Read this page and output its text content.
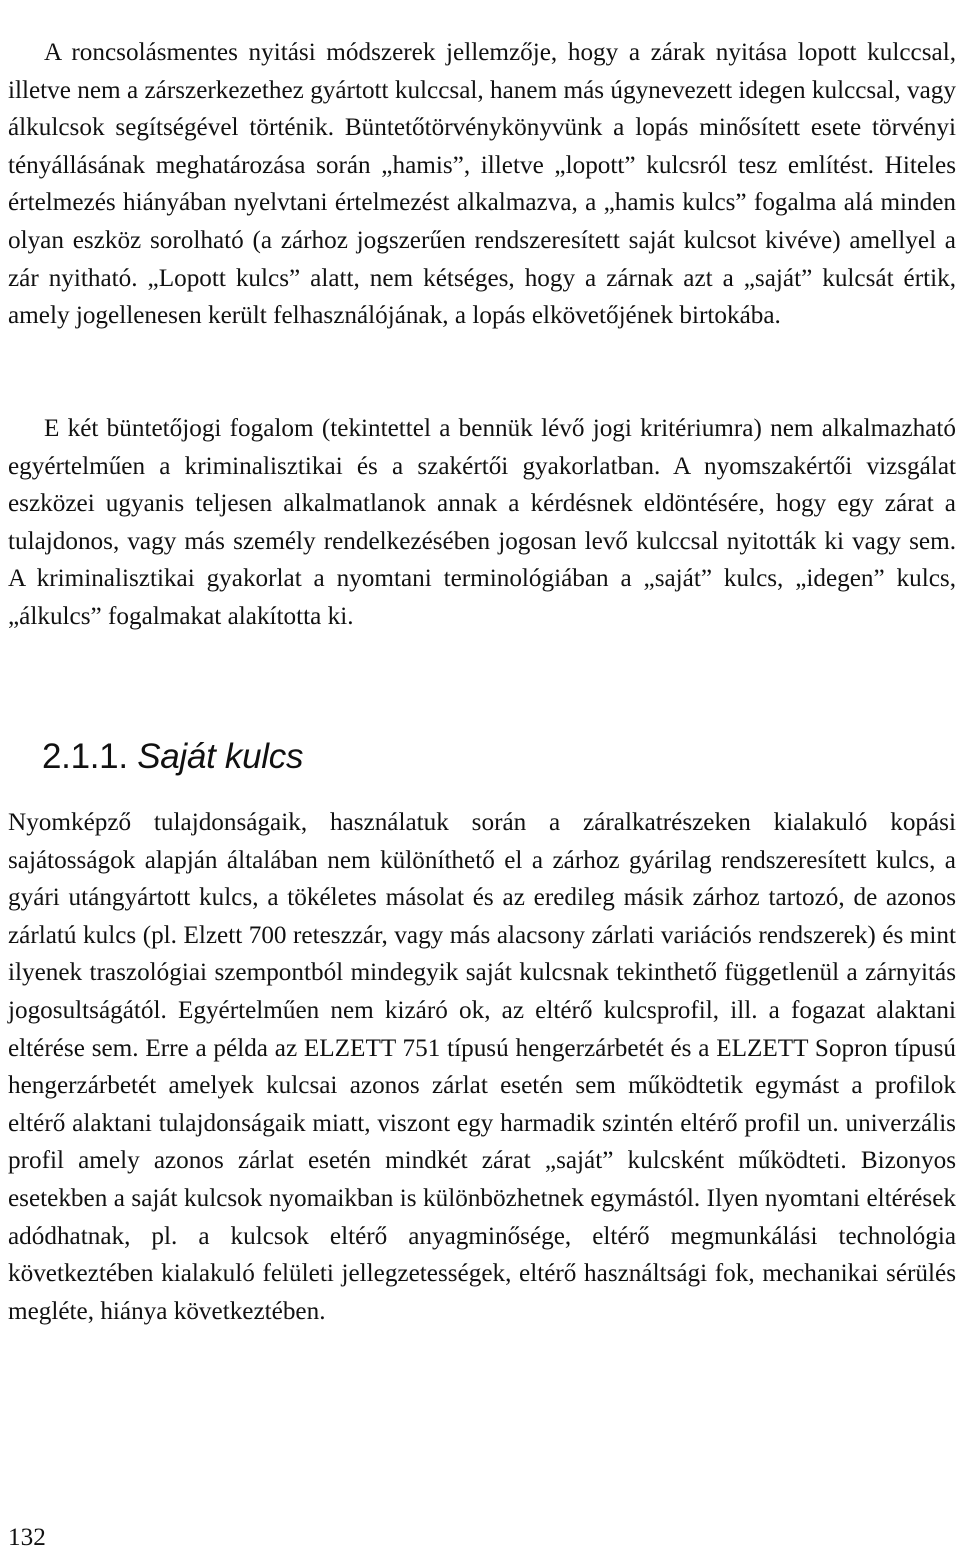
A roncsolásmentes nyitási módszerek jellemzője, hogy a zárak nyitása lopott kulccsal, illetve nem a zárszerkezethez gyártott kulccsal, hanem más úgynevezett idegen kulccsal, vagy álkulcsok segítségével történik. Büntetőtörvénykönyvünk a lopás minősített esete törvényi tényállásának meghatározása során „hamis”, illetve „lopott” kulcsról tesz említést. Hiteles értelmezés hiányában nyelvtani értelmezést alkalmazva, a „hamis kulcs” fogalma alá minden olyan eszköz sorolható (a zárhoz jogszerűen rendszeresített saját kulcsot kivéve) amellyel a zár nyitható. „Lopott kulcs” alatt, nem kétséges, hogy a zárnak azt a „saját” kulcsát értik, amely jogellenesen került felhasználójának, a lopás elkövetőjének birtokába.

E két büntetőjogi fogalom (tekintettel a bennük lévő jogi kritériumra) nem alkalmazható egyértelműen a kriminalisztikai és a szakértői gyakorlatban. A nyomszakértői vizsgálat eszközei ugyanis teljesen alkalmatlanok annak a kérdésnek eldöntésére, hogy egy zárat a tulajdonos, vagy más személy rendelkezésében jogosan levő kulccsal nyitották ki vagy sem. A kriminalisztikai gyakorlat a nyomtani terminológiában a „saját” kulcs, „idegen” kulcs, „álkulcs” fogalmakat alakította ki.

2.1.1. Saját kulcs

Nyomképző tulajdonságaik, használatuk során a záralkatrészeken kialakuló kopási sajátosságok alapján általában nem különíthető el a zárhoz gyárilag rendszeresített kulcs, a gyári utángyártott kulcs, a tökéletes másolat és az eredileg másik zárhoz tartozó, de azonos zárlatú kulcs (pl. Elzett 700 reteszzár, vagy más alacsony zárlati variációs rendszerek) és mint ilyenek traszológiai szempontból mindegyik saját kulcsnak tekinthető függetlenül a zárnyitás jogosultságától. Egyértelműen nem kizáró ok, az eltérő kulcsprofil, ill. a fogazat alaktani eltérése sem. Erre a példa az ELZETT 751 típusú hengerzárbetét és a ELZETT Sopron típusú hengerzárbetét amelyek kulcsai azonos zárlat esetén sem működtetik egymást a profilok eltérő alaktani tulajdonságaik miatt, viszont egy harmadik szintén eltérő profil un. univerzális profil amely azonos zárlat esetén mindkét zárat „saját” kulcsként működteti. Bizonyos esetekben a saját kulcsok nyomaikban is különbözhetnek egymástól. Ilyen nyomtani eltérések adódhatnak, pl. a kulcsok eltérő anyagminősége, eltérő megmunkálási technológia következtében kialakuló felületi jellegzetességek, eltérő használtsági fok, mechanikai sérülés megléte, hiánya következtében.

132
